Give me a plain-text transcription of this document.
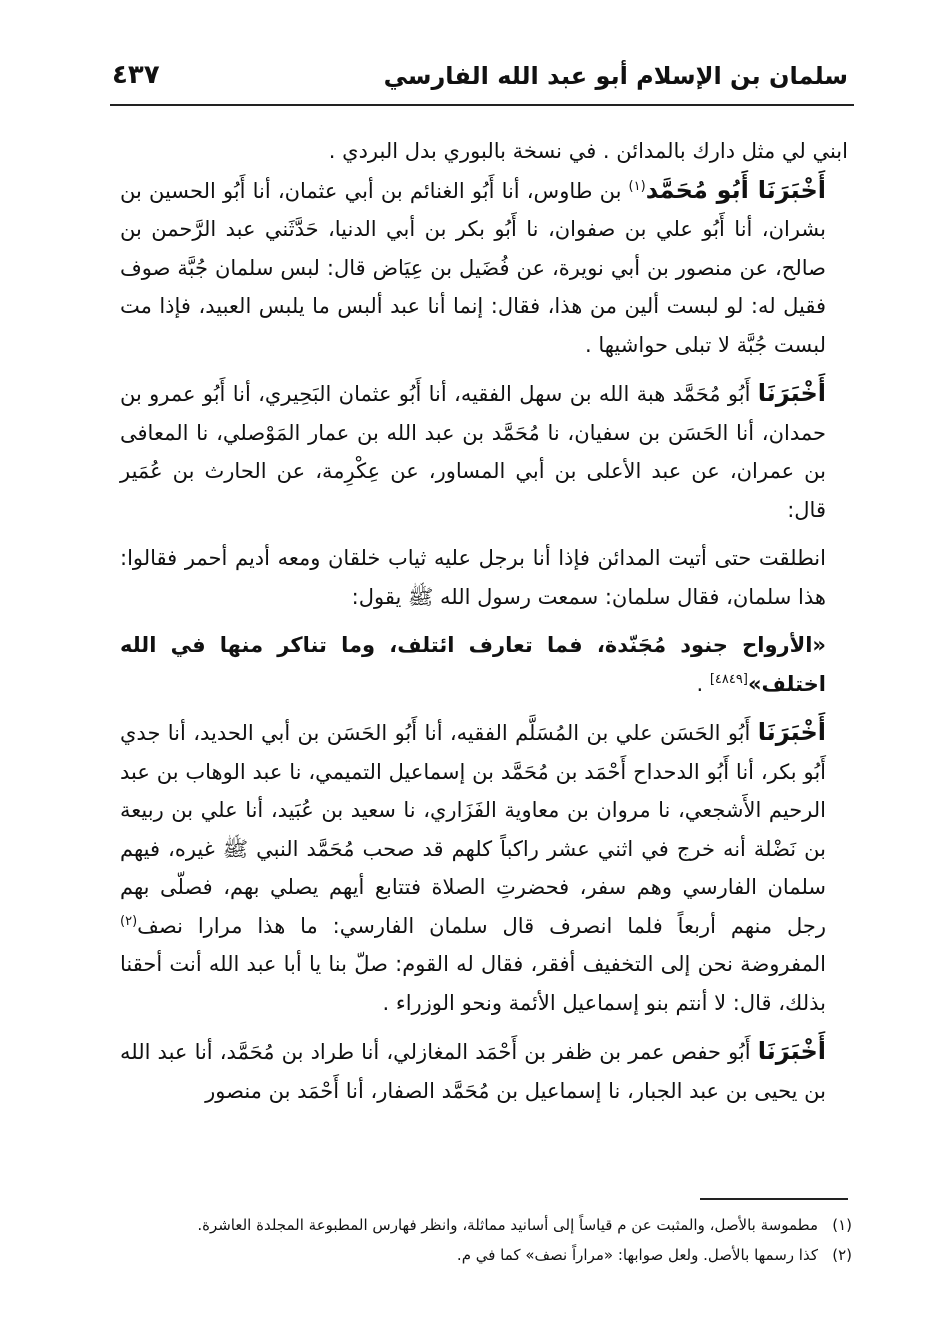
سلمان بن الإسلام أبو عبد الله الفارسي
٤٣٧

ابني لي مثل دارك بالمدائن . في نسخة بالبوري بدل البردي .

أَخْبَرَنَا أَبُو مُحَمَّد$^{(١)}$ بن طاوس، أنا أَبُو الغنائم بن أبي عثمان، أنا أَبُو الحسين بن بشران، أنا أَبُو علي بن صفوان، نا أَبُو بكر بن أبي الدنيا، حَدَّثَني عبد الرَّحمن بن صالح، عن منصور بن أبي نويرة، عن فُضَيل بن عِيَاض قال: لبس سلمان جُبَّة صوف فقيل له: لو لبست ألين من هذا، فقال: إنما أنا عبد ألبس ما يلبس العبيد، فإذا مت لبست جُبَّة لا تبلى حواشيها .

أَخْبَرَنَا أَبُو مُحَمَّد هبة الله بن سهل الفقيه، أنا أَبُو عثمان البَحِيري، أنا أَبُو عمرو بن حمدان، أنا الحَسَن بن سفيان، نا مُحَمَّد بن عبد الله بن عمار المَوْصلي، نا المعافى بن عمران، عن عبد الأعلى بن أبي المساور، عن عِكْرِمة، عن الحارث بن عُمَير قال:

انطلقت حتى أتيت المدائن فإذا أنا برجل عليه ثياب خلقان ومعه أديم أحمر فقالوا: هذا سلمان، فقال سلمان: سمعت رسول الله ﷺ يقول:

«الأرواح جنود مُجَنّدة، فما تعارف ائتلف، وما تناكر منها في الله اختلف»[٤٨٤٩] .

أَخْبَرَنَا أَبُو الحَسَن علي بن المُسَلَّم الفقيه، أنا أَبُو الحَسَن بن أبي الحديد، أنا جدي أَبُو بكر، أنا أَبُو الدحداح أَحْمَد بن مُحَمَّد بن إسماعيل التميمي، نا عبد الوهاب بن عبد الرحيم الأَشجعي، نا مروان بن معاوية الفَزَاري، نا سعيد بن عُبَيد، أنا علي بن ربيعة بن نَضْلة أنه خرج في اثني عشر راكباً كلهم قد صحب مُحَمَّد النبي ﷺ غيره، فيهم سلمان الفارسي وهم سفر، فحضرتِ الصلاة فتتابع أيهم يصلي بهم، فصلّى بهم رجل منهم أربعاً فلما انصرف قال سلمان الفارسي: ما هذا مرارا نصف$^{(٢)}$ المفروضة نحن إلى التخفيف أفقر، فقال له القوم: صلّ بنا يا أبا عبد الله أنت أحقنا بذلك، قال: لا أنتم بنو إسماعيل الأئمة ونحو الوزراء .

أَخْبَرَنَا أَبُو حفص عمر بن ظفر بن أَحْمَد المغازلي، أنا طراد بن مُحَمَّد، أنا عبد الله بن يحيى بن عبد الجبار، نا إسماعيل بن مُحَمَّد الصفار، أنا أَحْمَد بن منصور

(١)
مطموسة بالأصل، والمثبت عن م قياساً إلى أسانيد مماثلة، وانظر فهارس المطبوعة المجلدة العاشرة.
(٢)
كذا رسمها بالأصل. ولعل صوابها: «مراراً نصف» كما في م.
